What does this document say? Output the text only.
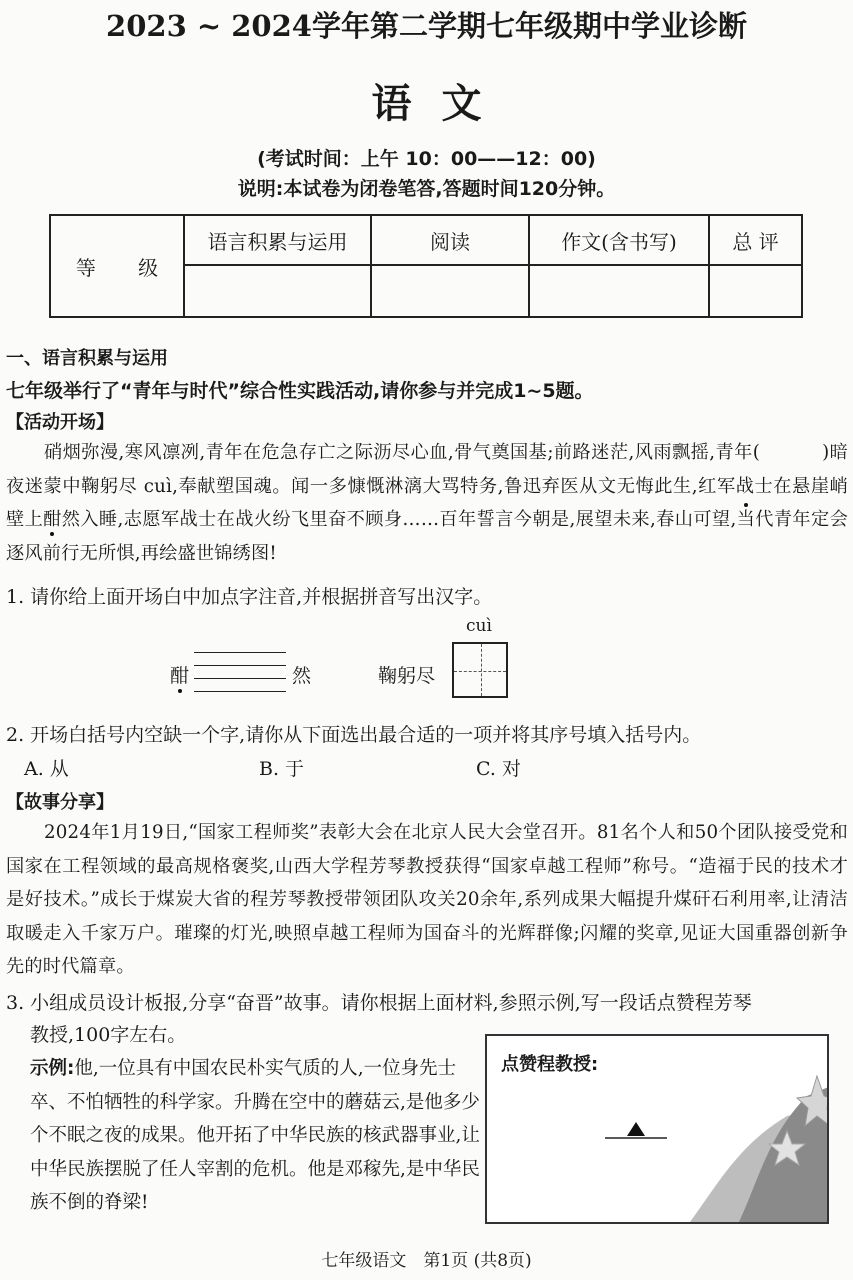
2023 ~ 2024学年第二学期七年级期中学业诊断
语文
(考试时间：上午 10：00——12：00)
说明:本试卷为闭卷笔答,答题时间120分钟。
等 级	语言积累与运用	阅读	作文(含书写)	总 评

一、语言积累与运用
七年级举行了“青年与时代”综合性实践活动,请你参与并完成1~5题。
【活动开场】

硝烟弥漫,寒风凛冽,青年在危急存亡之际沥尽心血,骨气奠国基;前路迷茫,风雨飘摇,青年(	)暗夜迷蒙中鞠躬尽 cuì,奉献塑国魂。闻一多慷慨淋漓大骂特务,鲁迅弃医从文无悔此生,红军战士在悬崖峭壁上酣然入睡,志愿军战士在战火纷飞里奋不顾身……百年誓言今朝是,展望未来,春山可望,当代青年定会逐风前行无所惧,再绘盛世锦绣图!

1. 请你给上面开场白中加点字注音,并根据拼音写出汉字。
酣	然	鞠躬尽
cuì
2. 开场白括号内空缺一个字,请你从下面选出最合适的一项并将其序号填入括号内。
A. 从	B. 于	C. 对
【故事分享】

2024年1月19日,“国家工程师奖”表彰大会在北京人民大会堂召开。81名个人和50个团队接受党和国家在工程领域的最高规格褒奖,山西大学程芳琴教授获得“国家卓越工程师”称号。“造福于民的技术才是好技术。”成长于煤炭大省的程芳琴教授带领团队攻关20余年,系列成果大幅提升煤矸石利用率,让清洁取暖走入千家万户。璀璨的灯光,映照卓越工程师为国奋斗的光辉群像;闪耀的奖章,见证大国重器创新争先的时代篇章。

3. 小组成员设计板报,分享“奋晋”故事。请你根据上面材料,参照示例,写一段话点赞程芳琴
教授,100字左右。
示例:他,一位具有中国农民朴实气质的人,一位身先士卒、不怕牺牲的科学家。升腾在空中的蘑菇云,是他多少个不眠之夜的成果。他开拓了中华民族的核武器事业,让中华民族摆脱了任人宰割的危机。他是邓稼先,是中华民族不倒的脊梁!
点赞程教授:
七年级语文　第1页 (共8页)
